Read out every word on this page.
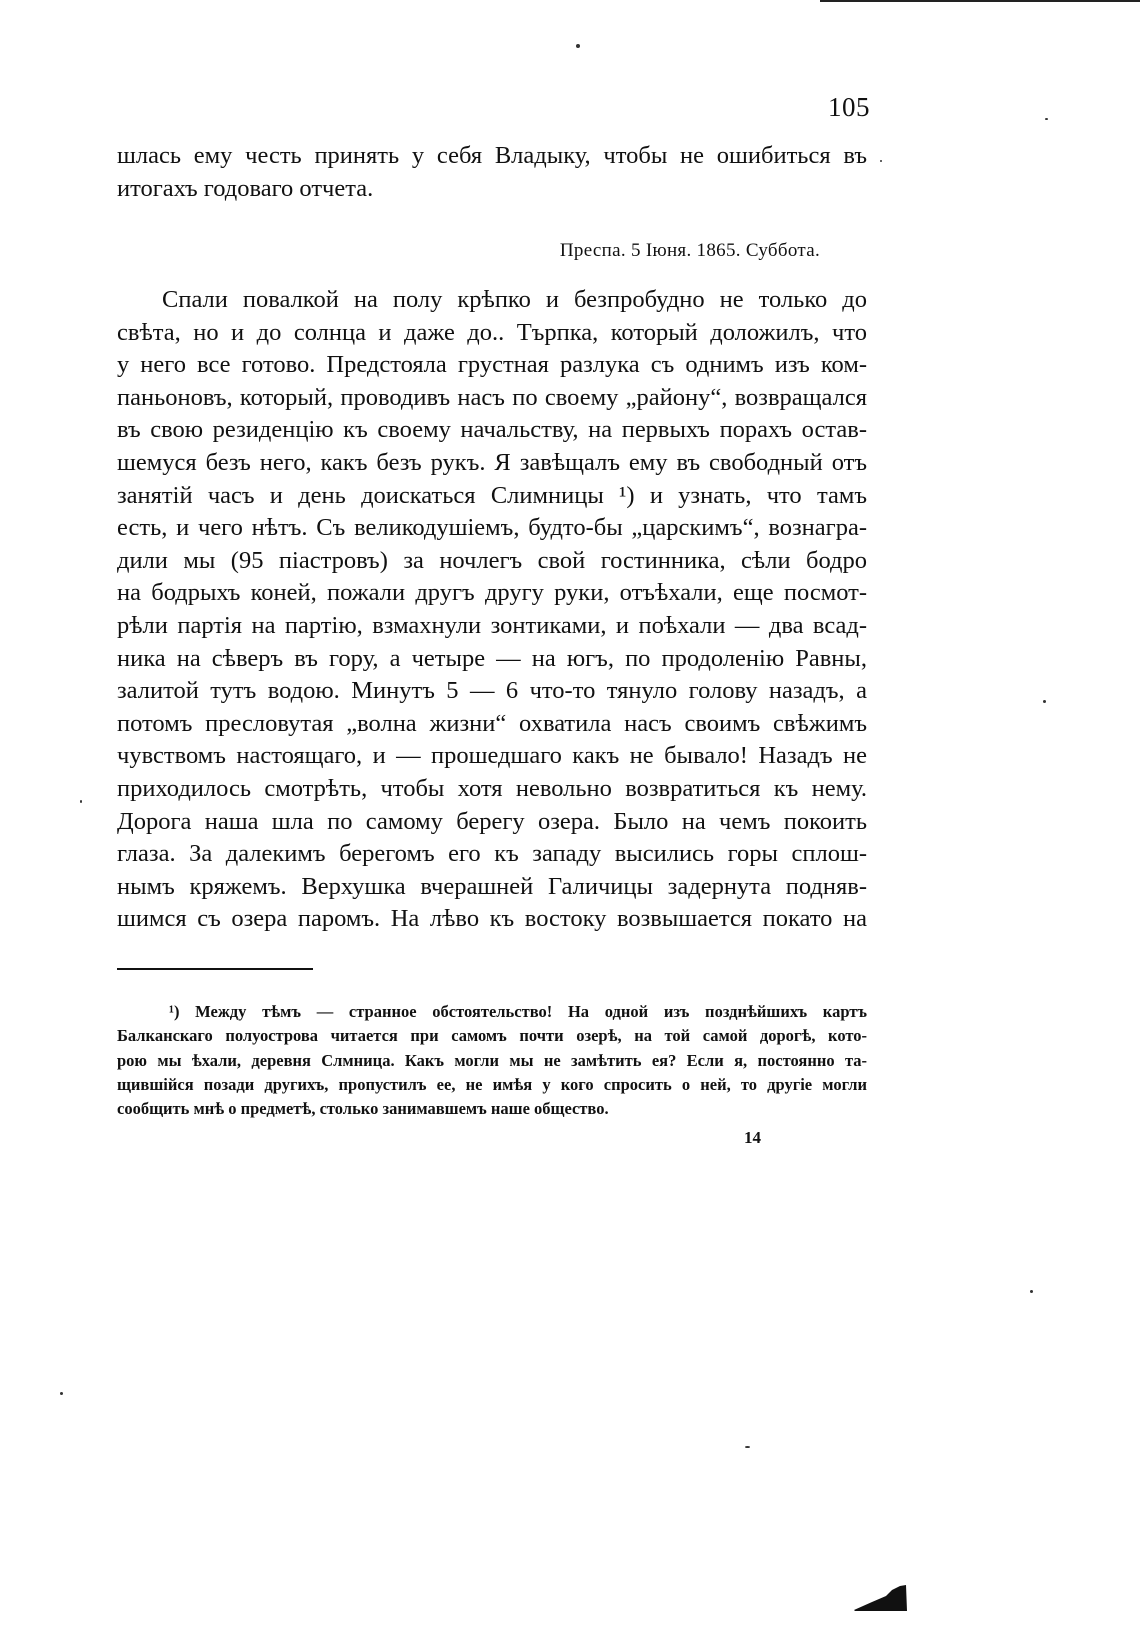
105
шлась ему честь принять у себя Владыку, чтобы не ошибиться въ
итогахъ годоваго отчета.
Преспа. 5 Іюня. 1865. Суббота.
Спали повалкой на полу крѣпко и безпробудно не только до
свѣта, но и до солнца и даже до.. Търпка, который доложилъ, что
у него все готово. Предстояла грустная разлука съ однимъ изъ ком-
паньоновъ, который, проводивъ насъ по своему „району“, возвращался
въ свою резиденцію къ своему начальству, на первыхъ порахъ остав-
шемуся безъ него, какъ безъ рукъ. Я завѣщалъ ему въ свободный отъ
занятій часъ и день доискаться Слимницы ¹) и узнать, что тамъ
есть, и чего нѣтъ. Съ великодушіемъ, будто-бы „царскимъ“, вознагра-
дили мы (95 піастровъ) за ночлегъ свой гостинника, сѣли бодро
на бодрыхъ коней, пожали другъ другу руки, отъѣхали, еще посмот-
рѣли партія на партію, взмахнули зонтиками, и поѣхали — два всад-
ника на сѣверъ въ гору, а четыре — на югъ, по продоленію Равны,
залитой тутъ водою. Минутъ 5 — 6 что-то тянуло голову назадъ, а
потомъ пресловутая „волна жизни“ охватила насъ своимъ свѣжимъ
чувствомъ настоящаго, и — прошедшаго какъ не бывало! Назадъ не
приходилось смотрѣть, чтобы хотя невольно возвратиться къ нему.
Дорога наша шла по самому берегу озера. Было на чемъ покоить
глаза. За далекимъ берегомъ его къ западу высились горы сплош-
нымъ кряжемъ. Верхушка вчерашней Галичицы задернута подняв-
шимся съ озера паромъ. На лѣво къ востоку возвышается покато на
¹) Между тѣмъ — странное обстоятельство! На одной изъ позднѣйшихъ картъ
Балканскаго полуострова читается при самомъ почти озерѣ, на той самой дорогѣ, кото-
рою мы ѣхали, деревня Слмница. Какъ могли мы не замѣтить ея? Если я, постоянно та-
щившійся позади другихъ, пропустилъ ее, не имѣя у кого спросить о ней, то другіе могли
сообщить мнѣ о предметѣ, столько занимавшемъ наше общество.
14
